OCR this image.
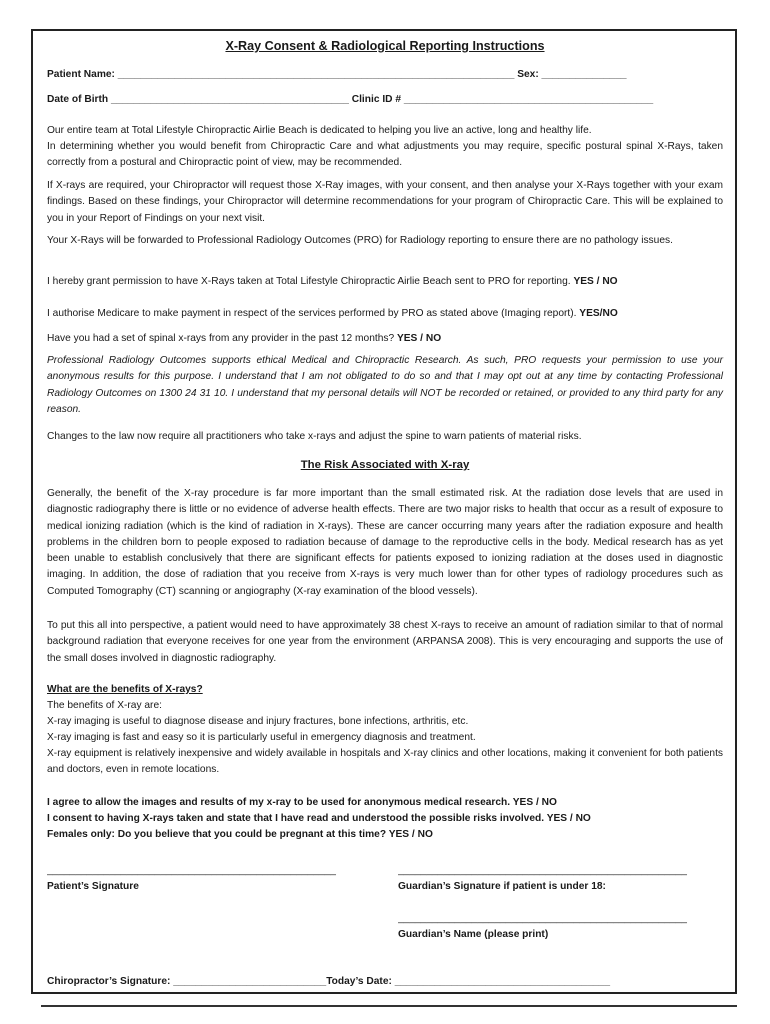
X-Ray Consent & Radiological Reporting Instructions
Patient Name: ______________________________________________________________________ Sex: _______________
Date of Birth __________________________________________ Clinic ID # ____________________________________________

Our entire team at Total Lifestyle Chiropractic Airlie Beach is dedicated to helping you live an active, long and healthy life.

In determining whether you would benefit from Chiropractic Care and what adjustments you may require, specific postural spinal X-Rays, taken correctly from a postural and Chiropractic point of view, may be recommended.

If X-rays are required, your Chiropractor will request those X-Ray images, with your consent, and then analyse your X-Rays together with your exam findings. Based on these findings, your Chiropractor will determine recommendations for your program of Chiropractic Care. This will be explained to you in your Report of Findings on your next visit.

Your X-Rays will be forwarded to Professional Radiology Outcomes (PRO) for Radiology reporting to ensure there are no pathology issues.

I hereby grant permission to have X-Rays taken at Total Lifestyle Chiropractic Airlie Beach sent to PRO for reporting. YES / NO

I authorise Medicare to make payment in respect of the services performed by PRO as stated above (Imaging report). YES/NO

Have you had a set of spinal x-rays from any provider in the past 12 months? YES / NO

Professional Radiology Outcomes supports ethical Medical and Chiropractic Research. As such, PRO requests your permission to use your anonymous results for this purpose. I understand that I am not obligated to do so and that I may opt out at any time by contacting Professional Radiology Outcomes on 1300 24 31 10. I understand that my personal details will NOT be recorded or retained, or provided to any third party for any reason.

Changes to the law now require all practitioners who take x-rays and adjust the spine to warn patients of material risks.

The Risk Associated with X-ray

Generally, the benefit of the X-ray procedure is far more important than the small estimated risk. At the radiation dose levels that are used in diagnostic radiography there is little or no evidence of adverse health effects. There are two major risks to health that occur as a result of exposure to medical ionizing radiation (which is the kind of radiation in X-rays). These are cancer occurring many years after the radiation exposure and health problems in the children born to people exposed to radiation because of damage to the reproductive cells in the body. Medical research has as yet been unable to establish conclusively that there are significant effects for patients exposed to ionizing radiation at the doses used in diagnostic imaging. In addition, the dose of radiation that you receive from X-rays is very much lower than for other types of radiology procedures such as Computed Tomography (CT) scanning or angiography (X-ray examination of the blood vessels).

To put this all into perspective, a patient would need to have approximately 38 chest X-rays to receive an amount of radiation similar to that of normal background radiation that everyone receives for one year from the environment (ARPANSA 2008). This is very encouraging and supports the use of the small doses involved in diagnostic radiography.

What are the benefits of X-rays?

The benefits of X-ray are:

X-ray imaging is useful to diagnose disease and injury fractures, bone infections, arthritis, etc.

X-ray imaging is fast and easy so it is particularly useful in emergency diagnosis and treatment.

X-ray equipment is relatively inexpensive and widely available in hospitals and X-ray clinics and other locations, making it convenient for both patients and doctors, even in remote locations.

I agree to allow the images and results of my x-ray to be used for anonymous medical research. YES / NO

I consent to having X-rays taken and state that I have read and understood the possible risks involved. YES / NO

Females only: Do you believe that you could be pregnant at this time? YES / NO

___________________________________________________
Patient’s Signature
___________________________________________________
Guardian’s Signature if patient is under 18:
___________________________________________________
Guardian’s Name (please print)
Chiropractor’s Signature: ___________________________Today’s Date: ______________________________________
